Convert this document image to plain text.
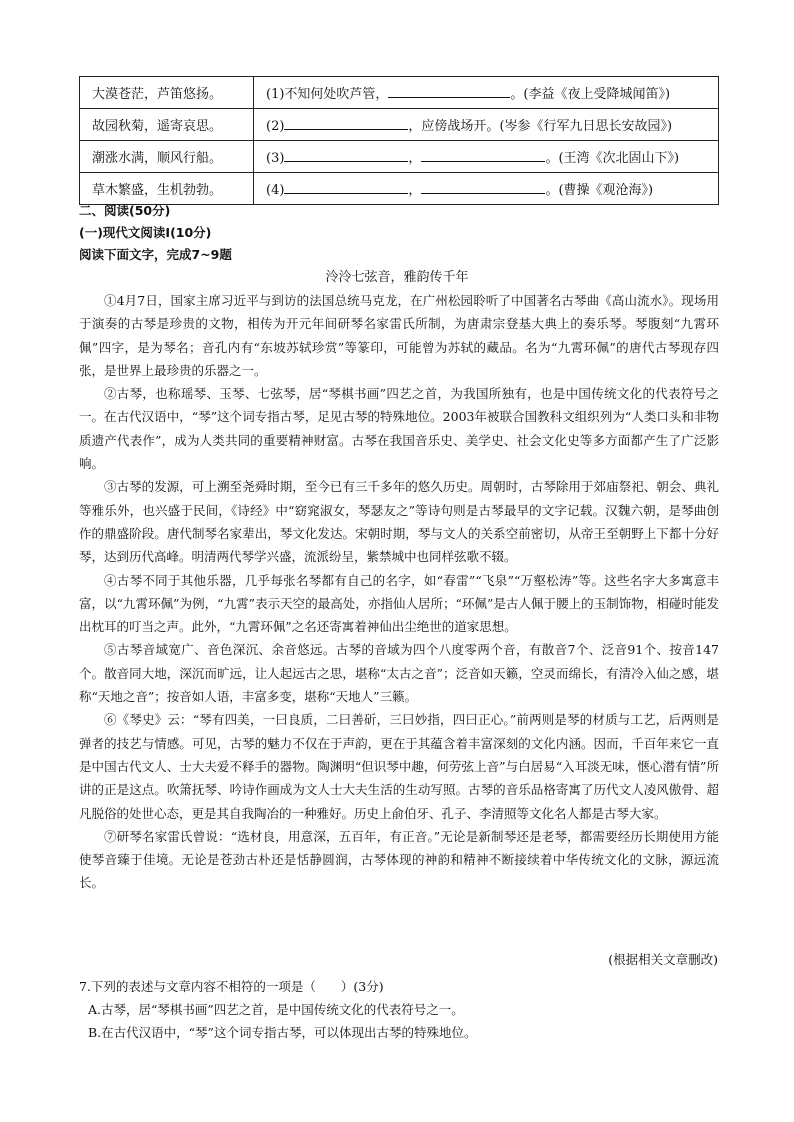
大漠苍茫，芦笛悠扬。	(1)不知何处吹芦管， 。(李益《夜上受降城闻笛》)
故园秋菊，遥寄哀思。	(2) ，应傍战场开。(岑参《行军九日思长安故园》)
潮涨水满，顺风行船。	(3) ， 。(王湾《次北固山下》)
草木繁盛，生机勃勃。	(4) ， 。(曹操《观沧海》)
二、阅读(50分)
(一)现代文阅读Ⅰ(10分)
阅读下面文字，完成7~9题
泠泠七弦音，雅韵传千年

①4月7日，国家主席习近平与到访的法国总统马克龙，在广州松园聆听了中国著名古琴曲《高山流水》。现场用于演奏的古琴是珍贵的文物，相传为开元年间研琴名家雷氏所制，为唐肃宗登基大典上的奏乐琴。琴腹刻“九霄环佩”四字，是为琴名；音孔内有“东坡苏轼珍赏”等篆印，可能曾为苏轼的藏品。名为“九霄环佩”的唐代古琴现存四张，是世界上最珍贵的乐器之一。

②古琴，也称瑶琴、玉琴、七弦琴，居“琴棋书画”四艺之首，为我国所独有，也是中国传统文化的代表符号之一。在古代汉语中，“琴”这个词专指古琴，足见古琴的特殊地位。2003年被联合国教科文组织列为“人类口头和非物质遗产代表作”，成为人类共同的重要精神财富。古琴在我国音乐史、美学史、社会文化史等多方面都产生了广泛影响。

③古琴的发源，可上溯至尧舜时期，至今已有三千多年的悠久历史。周朝时，古琴除用于郊庙祭祀、朝会、典礼等雅乐外，也兴盛于民间，《诗经》中“窈窕淑女，琴瑟友之”等诗句则是古琴最早的文字记载。汉魏六朝，是琴曲创作的鼎盛阶段。唐代制琴名家辈出，琴文化发达。宋朝时期，琴与文人的关系空前密切，从帝王至朝野上下都十分好琴，达到历代高峰。明清两代琴学兴盛，流派纷呈，紫禁城中也同样弦歌不辍。

④古琴不同于其他乐器，几乎每张名琴都有自己的名字，如“春雷”“飞泉”“万壑松涛”等。这些名字大多寓意丰富，以“九霄环佩”为例，“九霄”表示天空的最高处，亦指仙人居所；“环佩”是古人佩于腰上的玉制饰物，相碰时能发出枕耳的叮当之声。此外，“九霄环佩”之名还寄寓着神仙出尘绝世的道家思想。

⑤古琴音域宽广、音色深沉、余音悠远。古琴的音域为四个八度零两个音，有散音7个、泛音91个、按音147个。散音同大地，深沉而旷远，让人起远古之思，堪称“太古之音”；泛音如天籁，空灵而绵长，有清冷入仙之感，堪称“天地之音”；按音如人语，丰富多变，堪称“天地人”三籁。

⑥《琴史》云：“琴有四美，一曰良质，二曰善斫，三曰妙指，四曰正心。”前两则是琴的材质与工艺，后两则是弹者的技艺与情感。可见，古琴的魅力不仅在于声韵，更在于其蕴含着丰富深刻的文化内涵。因而，千百年来它一直是中国古代文人、士大夫爱不释手的器物。陶渊明“但识琴中趣，何劳弦上音”与白居易“入耳淡无味，惬心潜有情”所讲的正是这点。吹箫抚琴、吟诗作画成为文人士大夫生活的生动写照。古琴的音乐品格寄寓了历代文人凌风傲骨、超凡脱俗的处世心态，更是其自我陶冶的一种雅好。历史上俞伯牙、孔子、李清照等文化名人都是古琴大家。

⑦研琴名家雷氏曾说：“选材良，用意深，五百年，有正音。”无论是新制琴还是老琴，都需要经历长期使用方能使琴音臻于佳境。无论是苍劲古朴还是恬静圆润，古琴体现的神韵和精神不断接续着中华传统文化的文脉，源远流长。

(根据相关文章删改)
7.下列的表述与文章内容不相符的一项是（　　）(3分)
A.古琴，居“琴棋书画”四艺之首，是中国传统文化的代表符号之一。
B.在古代汉语中，“琴”这个词专指古琴，可以体现出古琴的特殊地位。
